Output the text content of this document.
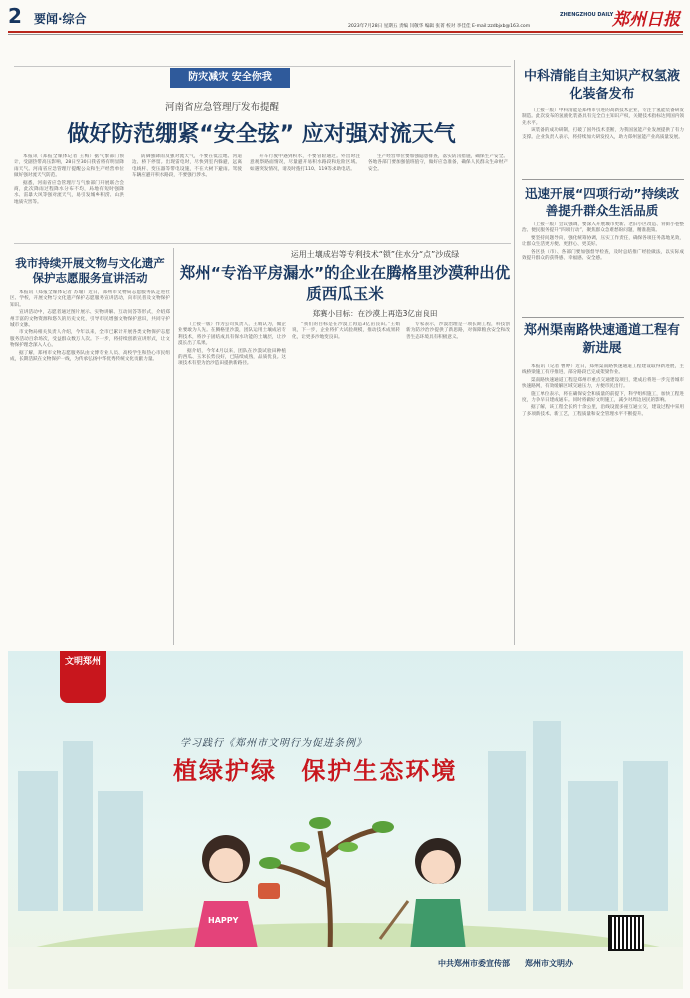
2 要闻·综合
2023年7月28日 星期五 责编 闫敬华 编辑 张菁 校对 李佳佳 E-mail:zzdbjxb@163.com
ZHENGZHOU DAILY
郑州日报
防灾减灾 安全你我
河南省应急管理厅发布提醒
做好防范绷紧“安全弦” 应对强对流天气

本报讯（郑报全媒体记者 王梅）据气象部门预计，受副热带高压影响，28日至30日我省将有明显降雨天气。河南省应急管理厅提醒公众和生产经营单位做好强对流天气防范。

据悉，河南省应急管理厅与气象部门开展联合会商，此次降雨过程降水分布不均，局地有短时强降水、雷暴大风等强对流天气，易引发城乡积涝、山洪地质灾害等。

防御强降雨及强对流天气，不要在低洼地、河道边、桥下停留。出现雷电时，尽快到室内躲避，远离电线杆、变压器等带电设施，不在大树下避雨。驾驶车辆应避开积水路段，不要强行涉水。

开车行驶中遇到积水，不要冒险通过。外出时注意观察路面情况，尽量避开易积水路段和危险区域。如遇突发情况，请及时拨打110、119等求助电话。

生产经营单位要加强隐患排查，落实防汛措施，确保生产安全。各地各部门要加强值班值守，做好应急准备，确保人民群众生命财产安全。

中科清能自主知识产权氢液化装备发布

（上接一版）中科清能是郑州市引进的高新技术企业，专注于氢能装备研发制造。此次发布的氢液化装备具有完全自主知识产权，关键技术指标达到国内领先水平。

该装备的成功研制，打破了国外技术垄断，为我国氢能产业发展提供了有力支撑。企业负责人表示，将持续加大研发投入，助力郑州氢能产业高质量发展。

迅速开展“四项行动”持续改善提升群众生活品质

（上接一版）会议强调，要深入开展城市更新、老旧小区改造、背街小巷整治、便民服务提升“四项行动”，聚焦群众急难愁盼问题，精准施策。

要坚持问题导向，强化统筹协调，压实工作责任，确保各项任务落地见效，让群众生活更方便、更舒心、更美好。

各区县（市）、各部门要加强督导检查，及时总结推广经验做法，以实际成效提升群众的获得感、幸福感、安全感。

郑州渠南路快速通道工程有新进展

本报讯（记者 曹婷）近日，郑州渠南路快速通道工程建设取得新进展，主线桥梁施工有序推进，部分路段已完成架梁作业。

渠南路快速通道工程是郑州市重点交通建设项目，建成后将进一步完善城市快速路网，有效缓解区域交通压力，方便市民出行。

施工单位表示，将在确保安全和质量的前提下，科学组织施工，加快工程进度，力争早日建成通车。同时将做好文明施工，减少对周边居民的影响。

据了解，该工程全长约十余公里，沿线设置多座互通立交，建设过程中采用了多项新技术、新工艺，工程质量和安全管理水平不断提升。

我市持续开展文物与文化遗产保护志愿服务宣讲活动

本报讯（郑报全媒体记者 苏瑜）近日，郑州市文物局志愿服务队走进社区、学校，开展文物与文化遗产保护志愿服务宣讲活动，向市民普及文物保护知识。

宣讲活动中，志愿者通过图片展示、实物讲解、互动问答等形式，介绍郑州丰富的文物资源和悠久的历史文化，引导市民增强文物保护意识，共同守护城市文脉。

市文物局相关负责人介绍，今年以来，全市已累计开展各类文物保护志愿服务活动百余场次，受益群众数万人次。下一步，将持续创新宣讲形式，让文物保护理念深入人心。

据了解，郑州市文物志愿服务队由文博专业人员、高校学生和热心市民组成，长期活跃在文物保护一线，为传承弘扬中华优秀传统文化贡献力量。

运用土壤成岩等专利技术“锁”住水分“点”沙成绿
郑州“专治平房漏水”的企业在腾格里沙漠种出优质西瓜玉米
郑赛小目标：在沙漠上再造3亿亩良田

（上接一版）作为公司负责人，王娟认为，做企业要敢为人先。在腾格里沙漠，团队运用土壤成岩专利技术，将沙子固结成具有保水功能的土壤层，让沙漠长出了瓜果。

据介绍，今年4月以来，团队在沙漠试验田种植的西瓜、玉米长势良好，已陆续成熟，品质优良。这项技术有望为治沙造田提供新路径。

“我们的目标是在沙漠上再造3亿亩良田。”王娟说，下一步，企业将扩大试验规模，推动技术成果转化，让更多沙地变良田。

专家表示，沙漠治理是一项长期工程，科技创新为防沙治沙提供了新思路，对保障粮食安全和改善生态环境具有积极意义。

HAPPY
文明郑州
学习践行《郑州市文明行为促进条例》
植绿护绿 保护生态环境
中共郑州市委宣传部 郑州市文明办
